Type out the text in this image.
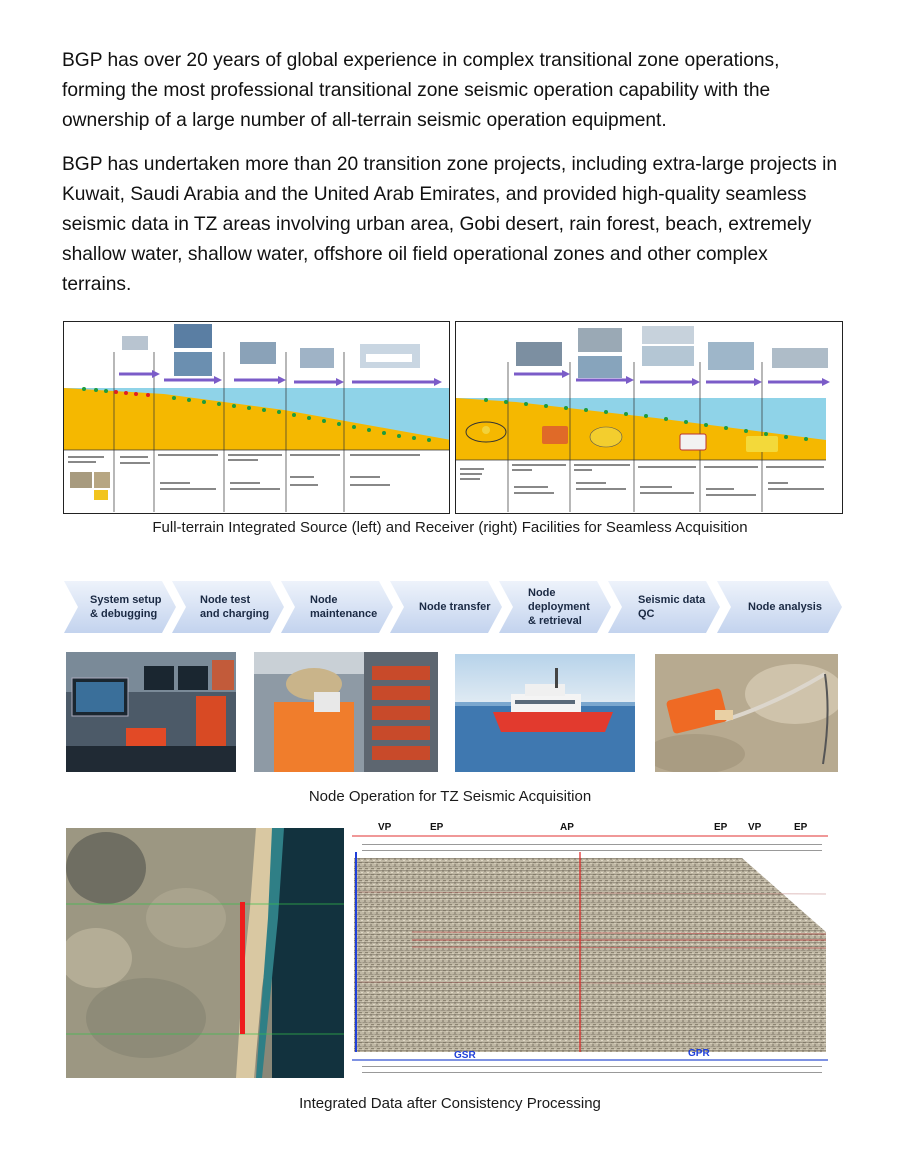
BGP has over 20 years of global experience in complex transitional zone operations, forming the most professional transitional zone seismic operation capability with the ownership of a large number of all-terrain seismic operation equipment.

BGP has undertaken more than 20 transition zone projects, including extra-large projects in Kuwait, Saudi Arabia and the United Arab Emirates, and provided high-quality seamless seismic data in TZ areas involving urban area, Gobi desert, rain forest, beach, extremely shallow water, shallow water, offshore oil field operational zones and other complex terrains.

Full-terrain Integrated Source (left) and Receiver (right) Facilities for Seamless Acquisition
System setup
& debugging
Node test
and charging
Node
maintenance
Node transfer
Node
deployment
& retrieval
Seismic data
QC
Node analysis
Node Operation for TZ Seismic Acquisition
VP	EP	AP	EP VP	EP
GSR	GPR
Integrated Data after Consistency Processing
